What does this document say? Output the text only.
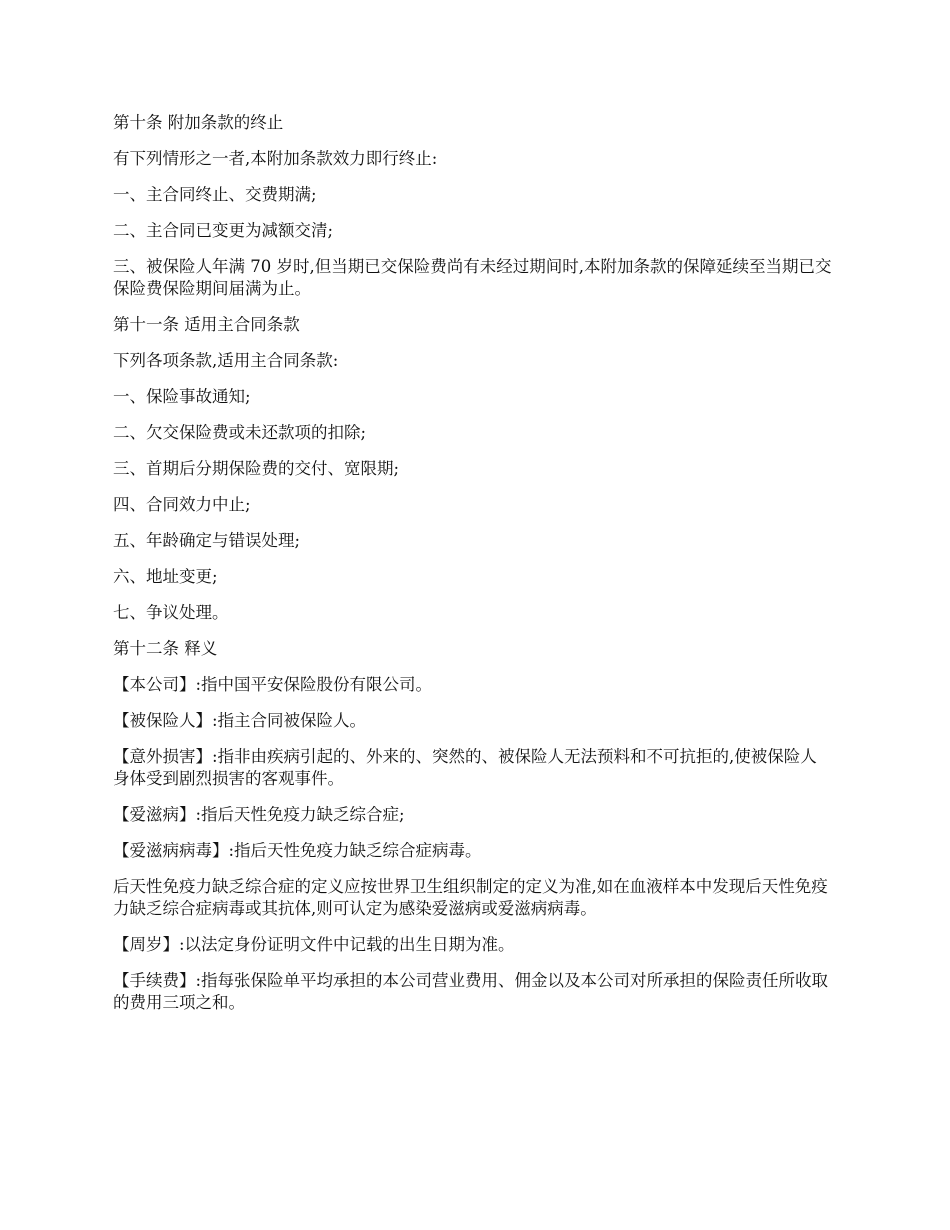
第十条 附加条款的终止

有下列情形之一者,本附加条款效力即行终止:

一、主合同终止、交费期满;

二、主合同已变更为减额交清;

三、被保险人年满 70 岁时,但当期已交保险费尚有未经过期间时,本附加条款的保障延续至当期已交保险费保险期间届满为止。

第十一条 适用主合同条款

下列各项条款,适用主合同条款:

一、保险事故通知;

二、欠交保险费或未还款项的扣除;

三、首期后分期保险费的交付、宽限期;

四、合同效力中止;

五、年龄确定与错误处理;

六、地址变更;

七、争议处理。

第十二条 释义

【本公司】:指中国平安保险股份有限公司。

【被保险人】:指主合同被保险人。

【意外损害】:指非由疾病引起的、外来的、突然的、被保险人无法预料和不可抗拒的,使被保险人身体受到剧烈损害的客观事件。

【爱滋病】:指后天性免疫力缺乏综合症;

【爱滋病病毒】:指后天性免疫力缺乏综合症病毒。

后天性免疫力缺乏综合症的定义应按世界卫生组织制定的定义为准,如在血液样本中发现后天性免疫力缺乏综合症病毒或其抗体,则可认定为感染爱滋病或爱滋病病毒。

【周岁】:以法定身份证明文件中记载的出生日期为准。

【手续费】:指每张保险单平均承担的本公司营业费用、佣金以及本公司对所承担的保险责任所收取的费用三项之和。
